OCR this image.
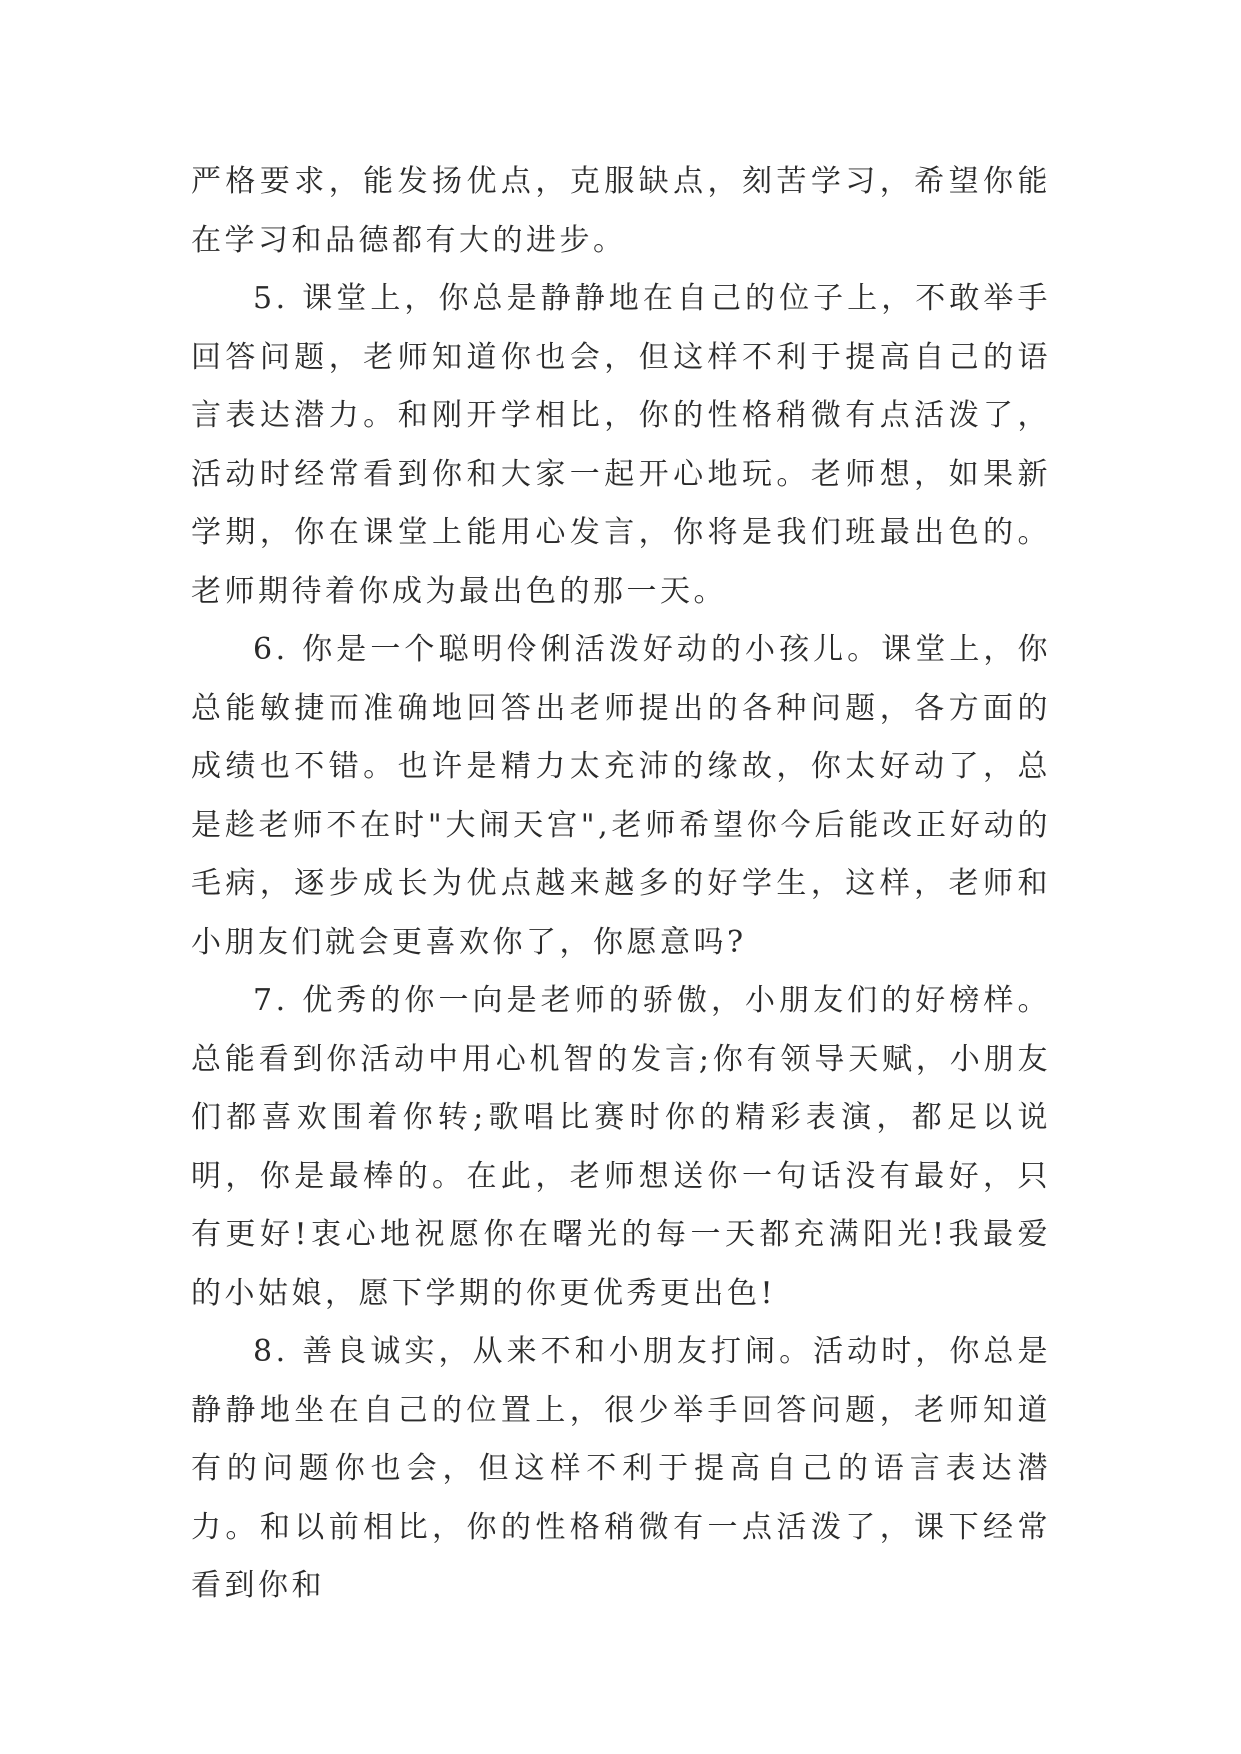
严格要求，能发扬优点，克服缺点，刻苦学习，希望你能在学习和品德都有大的进步。

5. 课堂上，你总是静静地在自己的位子上，不敢举手回答问题，老师知道你也会，但这样不利于提高自己的语言表达潜力。和刚开学相比，你的性格稍微有点活泼了，活动时经常看到你和大家一起开心地玩。老师想，如果新学期，你在课堂上能用心发言，你将是我们班最出色的。老师期待着你成为最出色的那一天。

6. 你是一个聪明伶俐活泼好动的小孩儿。课堂上，你总能敏捷而准确地回答出老师提出的各种问题，各方面的成绩也不错。也许是精力太充沛的缘故，你太好动了，总是趁老师不在时"大闹天宫",老师希望你今后能改正好动的毛病，逐步成长为优点越来越多的好学生，这样，老师和小朋友们就会更喜欢你了，你愿意吗?

7. 优秀的你一向是老师的骄傲，小朋友们的好榜样。总能看到你活动中用心机智的发言;你有领导天赋，小朋友们都喜欢围着你转;歌唱比赛时你的精彩表演，都足以说明，你是最棒的。在此，老师想送你一句话没有最好，只有更好!衷心地祝愿你在曙光的每一天都充满阳光!我最爱的小姑娘，愿下学期的你更优秀更出色!

8. 善良诚实，从来不和小朋友打闹。活动时，你总是静静地坐在自己的位置上，很少举手回答问题，老师知道有的问题你也会，但这样不利于提高自己的语言表达潜力。和以前相比，你的性格稍微有一点活泼了，课下经常看到你和
